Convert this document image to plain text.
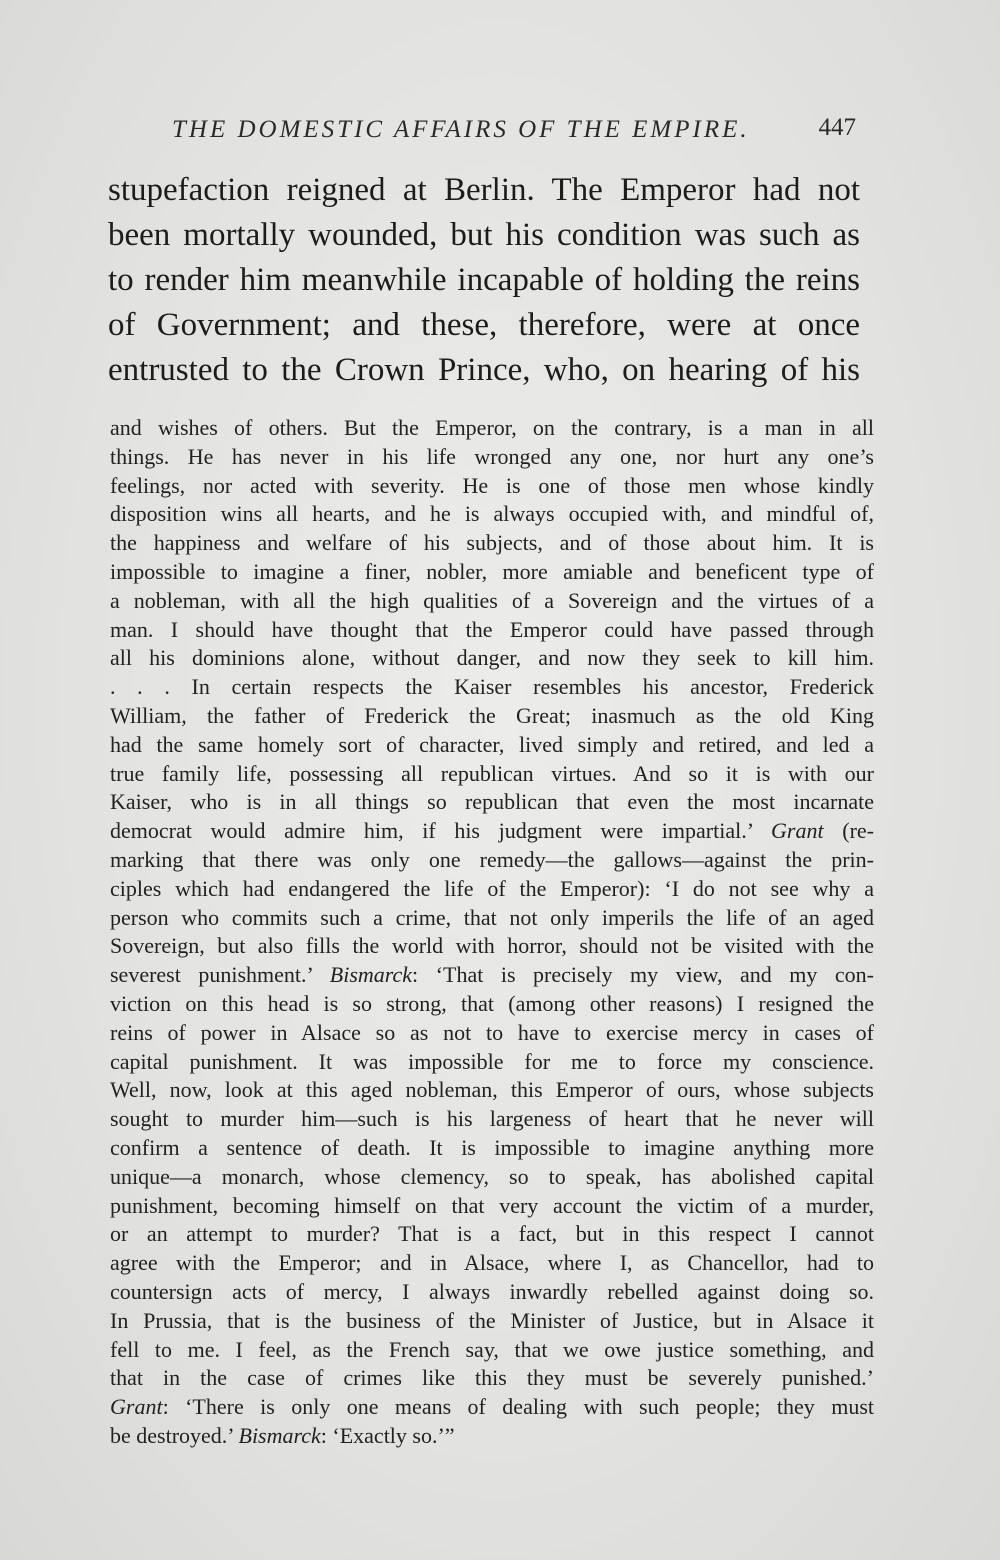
THE DOMESTIC AFFAIRS OF THE EMPIRE.	447
stupefaction reigned at Berlin. The Emperor had not
been mortally wounded, but his condition was such as
to render him meanwhile incapable of holding the reins
of Government; and these, therefore, were at once
entrusted to the Crown Prince, who, on hearing of his
and wishes of others. But the Emperor, on the contrary, is a man in all
things. He has never in his life wronged any one, nor hurt any one’s
feelings, nor acted with severity. He is one of those men whose kindly
disposition wins all hearts, and he is always occupied with, and mindful of,
the happiness and welfare of his subjects, and of those about him. It is
impossible to imagine a finer, nobler, more amiable and beneficent type of
a nobleman, with all the high qualities of a Sovereign and the virtues of a
man. I should have thought that the Emperor could have passed through
all his dominions alone, without danger, and now they seek to kill him.
. . . In certain respects the Kaiser resembles his ancestor, Frederick
William, the father of Frederick the Great; inasmuch as the old King
had the same homely sort of character, lived simply and retired, and led a
true family life, possessing all republican virtues. And so it is with our
Kaiser, who is in all things so republican that even the most incarnate
democrat would admire him, if his judgment were impartial.’ Grant (re-
marking that there was only one remedy—the gallows—against the prin-
ciples which had endangered the life of the Emperor): ‘I do not see why a
person who commits such a crime, that not only imperils the life of an aged
Sovereign, but also fills the world with horror, should not be visited with the
severest punishment.’ Bismarck: ‘That is precisely my view, and my con-
viction on this head is so strong, that (among other reasons) I resigned the
reins of power in Alsace so as not to have to exercise mercy in cases of
capital punishment. It was impossible for me to force my conscience.
Well, now, look at this aged nobleman, this Emperor of ours, whose subjects
sought to murder him—such is his largeness of heart that he never will
confirm a sentence of death. It is impossible to imagine anything more
unique—a monarch, whose clemency, so to speak, has abolished capital
punishment, becoming himself on that very account the victim of a murder,
or an attempt to murder? That is a fact, but in this respect I cannot
agree with the Emperor; and in Alsace, where I, as Chancellor, had to
countersign acts of mercy, I always inwardly rebelled against doing so.
In Prussia, that is the business of the Minister of Justice, but in Alsace it
fell to me. I feel, as the French say, that we owe justice something, and
that in the case of crimes like this they must be severely punished.’
Grant: ‘There is only one means of dealing with such people; they must
be destroyed.’ Bismarck: ‘Exactly so.’”
